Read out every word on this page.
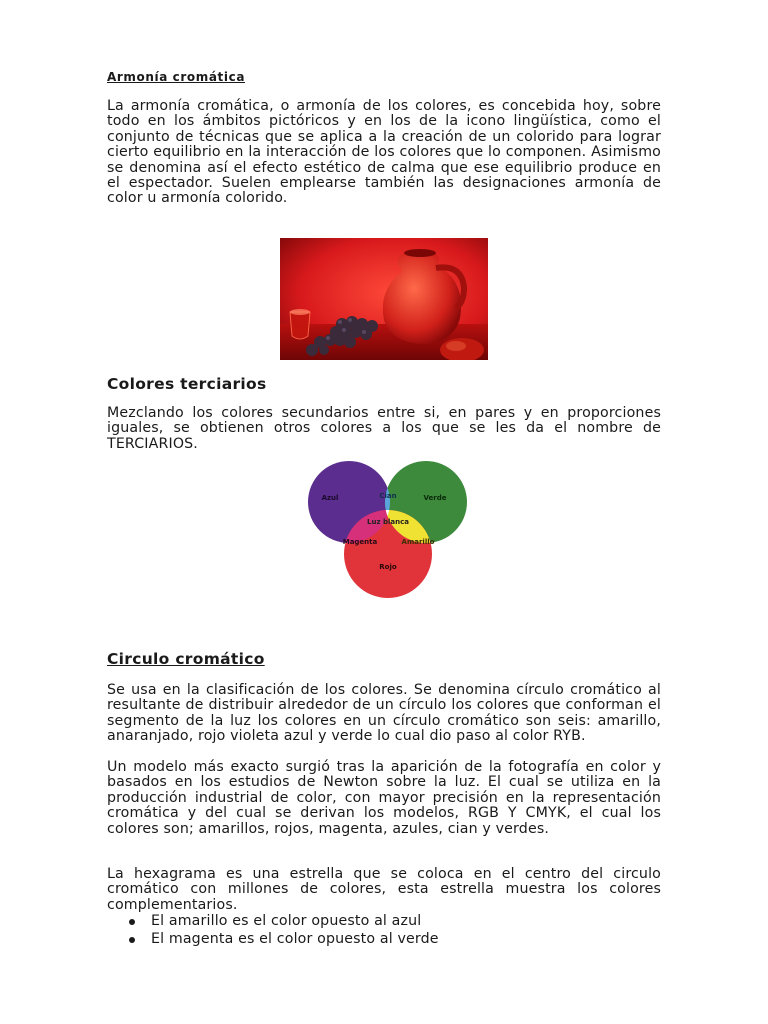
Armonía cromática

La armonía cromática, o armonía de los colores, es concebida hoy, sobre todo en los ámbitos pictóricos y en los de la icono lingüística, como el conjunto de técnicas que se aplica a la creación de un colorido para lograr cierto equilibrio en la interacción de los colores que lo componen. Asimismo se denomina así el efecto estético de calma que ese equilibrio produce en el espectador. Suelen emplearse también las designaciones armonía de color u armonía colorido.

Colores terciarios

Mezclando los colores secundarios entre si, en pares y en proporciones iguales, se obtienen otros colores a los que se les da el nombre de TERCIARIOS.

Azul	Cian	Verde
Luz blanca
Magenta	Amarillo
Rojo
Circulo cromático

Se usa en la clasificación de los colores. Se denomina círculo cromático al resultante de distribuir alrededor de un círculo los colores que conforman el segmento de la luz los colores en un círculo cromático son seis: amarillo, anaranjado, rojo violeta azul y verde lo cual dio paso al color RYB.

Un modelo más exacto surgió tras la aparición de la fotografía en color y basados en los estudios de Newton sobre la luz. El cual se utiliza en la producción industrial de color, con mayor precisión en la representación cromática y del cual se derivan los modelos, RGB Y CMYK, el cual los colores son; amarillos, rojos, magenta, azules, cian y verdes.

La hexagrama es una estrella que se coloca en el centro del circulo cromático con millones de colores, esta estrella muestra los colores complementarios.

El amarillo es el color opuesto al azul
El magenta es el color opuesto al verde
